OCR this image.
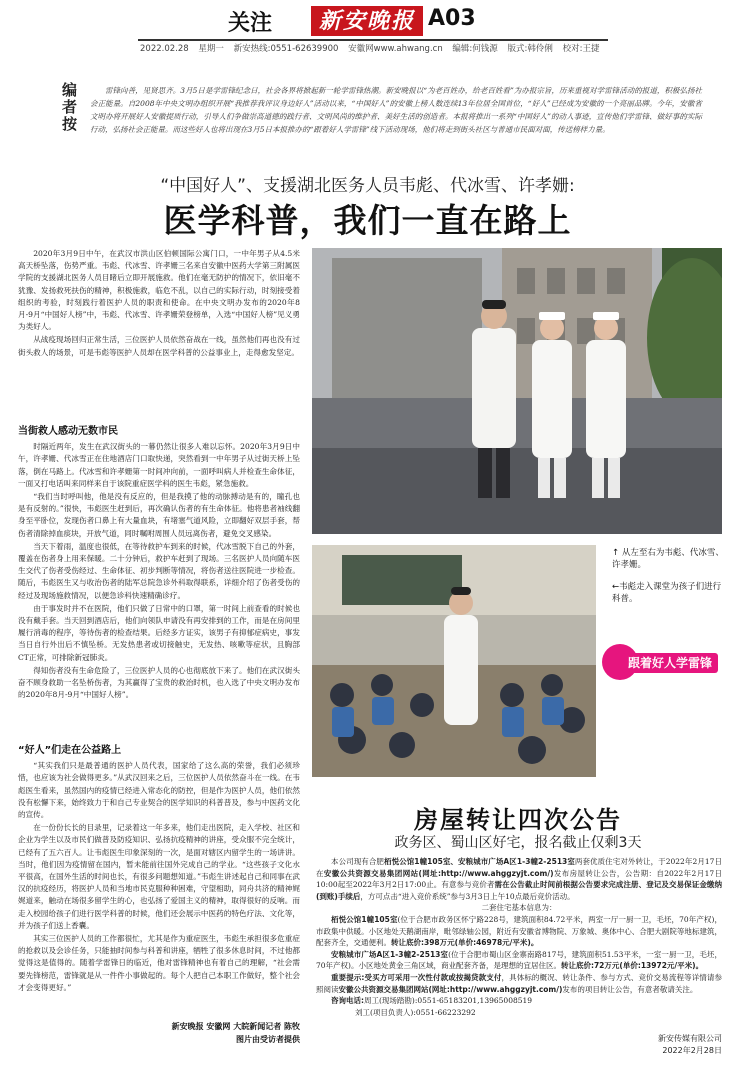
关注	新安晚报 A03
2022.02.28 星期一 新安热线:0551-62639900 安徽网www.ahwang.cn 编辑:何钱源 版式:韩伶俐 校对:王捷
编者按
雷锋向善，见贤思齐。3月5日是学雷锋纪念日，社会各界将掀起新一轮学雷锋热潮。新安晚报以“为老百姓办，给老百姓看”为办报宗旨，历来重视对学雷锋活动的报道，积极弘扬社会正能量。自2008年中央文明办组织开展“我推荐我评议身边好人”活动以来，“中国好人”的安徽上榜人数连续13年位居全国首位，“好人”已经成为安徽的一个亮丽品牌。今年，安徽省文明办将开展好人安徽提质行动，引导人们争做崇高道德的践行者、文明风尚的维护者、美好生活的创造者。本报将推出一系列“中国好人”的动人事迹，宣传他们学雷锋、做好事的实际行动，弘扬社会正能量。而这些好人也将出现在3月5日本报推办的“跟着好人学雷锋”线下活动现场，他们将走到街头社区与普通市民面对面，传送榜样力量。
“中国好人”、支援湖北医务人员韦彪、代冰雪、许孝姗:
医学科普，我们一直在路上

2020年3月9日中午，在武汉市洪山区伯顿国际公寓门口，一中年男子从4.5米高天桥坠落，伤势严重。韦彪、代冰雪、许孝姗三名来自安徽中医药大学第三附属医学院的支援湖北医务人员目睹后立即开展施救。他们在毫无防护的情况下，依旧毫不犹豫、发扬救死扶伤的精神，积极施救，临危不乱，以自己的实际行动，时刻接受着组织的考验，时刻践行着医护人员的职责和使命。在中央文明办发布的2020年8月-9月“中国好人榜”中，韦彪、代冰雪、许孝姗荣登榜单，入选“中国好人榜”见义勇为类好人。

从战疫现场回归正常生活，三位医护人员依然奋战在一线，虽然他们再也没有过街头救人的场景，可是韦彪等医护人员却在医学科普的公益事业上，走得愈发坚定。

当街救人感动无数市民

时隔近两年，发生在武汉街头的一幕仍然让很多人难以忘怀。2020年3月9日中午，许孝姗、代冰雪正在住地酒店门口取快递，突然看到一中年男子从过街天桥上坠落，倒在马路上。代冰雪和许孝姗第一时间冲向前，一面呼叫病人并检查生命体征，一面又打电话叫来同样来自于该院重症医学科的医生韦彪，紧急施救。

“我们当时呼叫他，他是没有反应的，但是我摸了他的动脉搏动是有的，瞳孔也是有反射的。”很快，韦彪医生赶到后，再次确认伤者的有生命体征。他将患者袖线翻身至平卧位，发现伤者口鼻上有大量血块，有堵塞气道风险，立即翻好双层手套，帮伤者清除掉血痰块，开放气道，同时嘱咐周围人员远离伤者，避免交叉感染。

当天下着雨，温度也很低，在等待救护车到来的时候，代冰雪脱下自己的外套，覆盖在伤者身上用来保暖。二十分钟后，救护车赶到了现场。三名医护人员向随车医生交代了伤者受伤经过、生命体征、初步判断等情况，将伤者送往医院进一步检查。随后，韦彪医生又与收治伤者的陆军总院急诊外科取得联系，详细介绍了伤者受伤的经过及现场施救情况，以便急诊科快速精确诊疗。

由于事发时并不在医院，他们只做了日常中的口罩，第一时间上前查看的时候也没有戴手套。当天回到酒店后，他们向领队申请没有再安排到的工作，而是在房间里履行消毒的程序，等待伤者的检查结果。后经多方证实，该男子有抑郁症病史，事发当日自行外出后不慎坠桥。无发热患者或切接触史，无发热、咳嗽等症状，且胸部CT正常，可排除新冠肺炎。

得知伤者没有生命危险了，三位医护人员的心也彻底放下来了。他们在武汉街头奋不顾身救助一名坠桥伤者，为其赢得了宝贵的救治时机，也入选了中央文明办发布的2020年8月-9月“中国好人榜”。

“好人”们走在公益路上

“其实我们只是最普通的医护人员代表，国家给了这么高的荣誉，我们必须珍惜，也应该为社会做得更多。”从武汉回来之后，三位医护人员依然奋斗在一线。在韦彪医生看来，虽然国内的疫情已经进入常态化的防控，但是作为医护人员，他们依然没有松懈下来，始终致力于和自己专业契合的医学知识的科普普及，参与中医药文化的宣传。

在一份份长长的目录里，记录着这一年多来，他们走出医院，走入学校、社区和企业为学生以及市民们做普及防疫知识、弘扬抗疫精神的讲座，受众服不完全统计，已经有了五六百人。让韦彪医生印象深刻的一次，是面对辖区内留学生的一场讲讲。当时，他们因为疫情留在国内，暂未能前往国外完成自己的学业。“这些孩子文化水平很高，在国外生活的时间也长，有很多问题想知道。”韦彪生讲述起自己和同事在武汉的抗疫经历，将医护人员和当地市民克服种种困难，守望相助，同舟共济的精神娓娓道来，触动在场很多留学生的心，也弘扬了爱国主义的精神，取得很好的反响。而走入校园给孩子们进行医学科普的时候，他们还会展示中医药的特色疗法、文化等，并为孩子们送上香囊。

其实三位医护人员的工作都很忙，尤其是作为重症医生，韦彪生承担很多危重症的抢救以及会诊任务，只能抽时间参与科普和讲座，牺牲了很多休息时间，不过他都觉得这是值得的。随着学雷锋日的临近，他对雷锋精神也有着自己的理解，“社会需要先锋榜范，雷锋就是从一件件小事做起的。每个人把自己本职工作做好，整个社会才会变得更好。”

新安晚报 安徽网 大皖新闻记者 陈牧
图片由受访者提供

↑ 从左至右为韦彪、代冰雪、许孝姗。

←韦彪走入课堂为孩子们进行科普。

跟着好人学雷锋
房屋转让四次公告
政务区、蜀山区好宅，报名截止仅剩3天

本公司现有合肥栢悦公馆1幢105室、安粮城市广场A区1-3幢2-2513室两套优质住宅对外转让，于2022年2月17日在安徽公共资源交易集团网站(网址:http://www.ahggzyjt.com/)发布房屋转让公告，公告期：自2022年2月17日10:00起至2022年3月2日17:00止。有意参与竞价者需在公告截止时间前根据公告要求完成注册、登记及交易保证金缴纳(到账)手续后，方可点击“进入竞价系统”参与3月3日上午10点最后竞价活动。

二套住宅基本信息为：

栢悦公馆1幢105室(位于合肥市政务区怀宁路228号，建筑面积84.72平米，两室一厅一厨一卫，毛坯，70年产权)，市政集中供暖。小区地处天鹅湖南岸，毗邻绿轴公园，附近有安徽省博物院、万象城、奥体中心、合肥大剧院等地标建筑，配套齐全，交通便利。转让底价:398万元(单价:46978元/平米)。

安粮城市广场A区1-3幢2-2513室(位于合肥市蜀山区金寨南路817号，建筑面积51.53平米，一室一厨一卫，毛坯，70年产权)。小区地处黄金三角区域，商业配套齐备，是理想的宜居住区。转让底价:72万元(单价:13972元/平米)。

重要提示:受买方可采用一次性付款或按揭贷款支付，具体标的概况、转让条件、参与方式、竞价交易流程等详情请参照阅读安徽公共资源交易集团网站(网址:http://www.ahggzyjt.com/)发布的项目转让公告，有意者敬请关注。

咨询电话:周工(现场踏勘):0551-65183201,13965008519

刘工(项目负责人):0551-66223292

新安传媒有限公司
2022年2月28日
